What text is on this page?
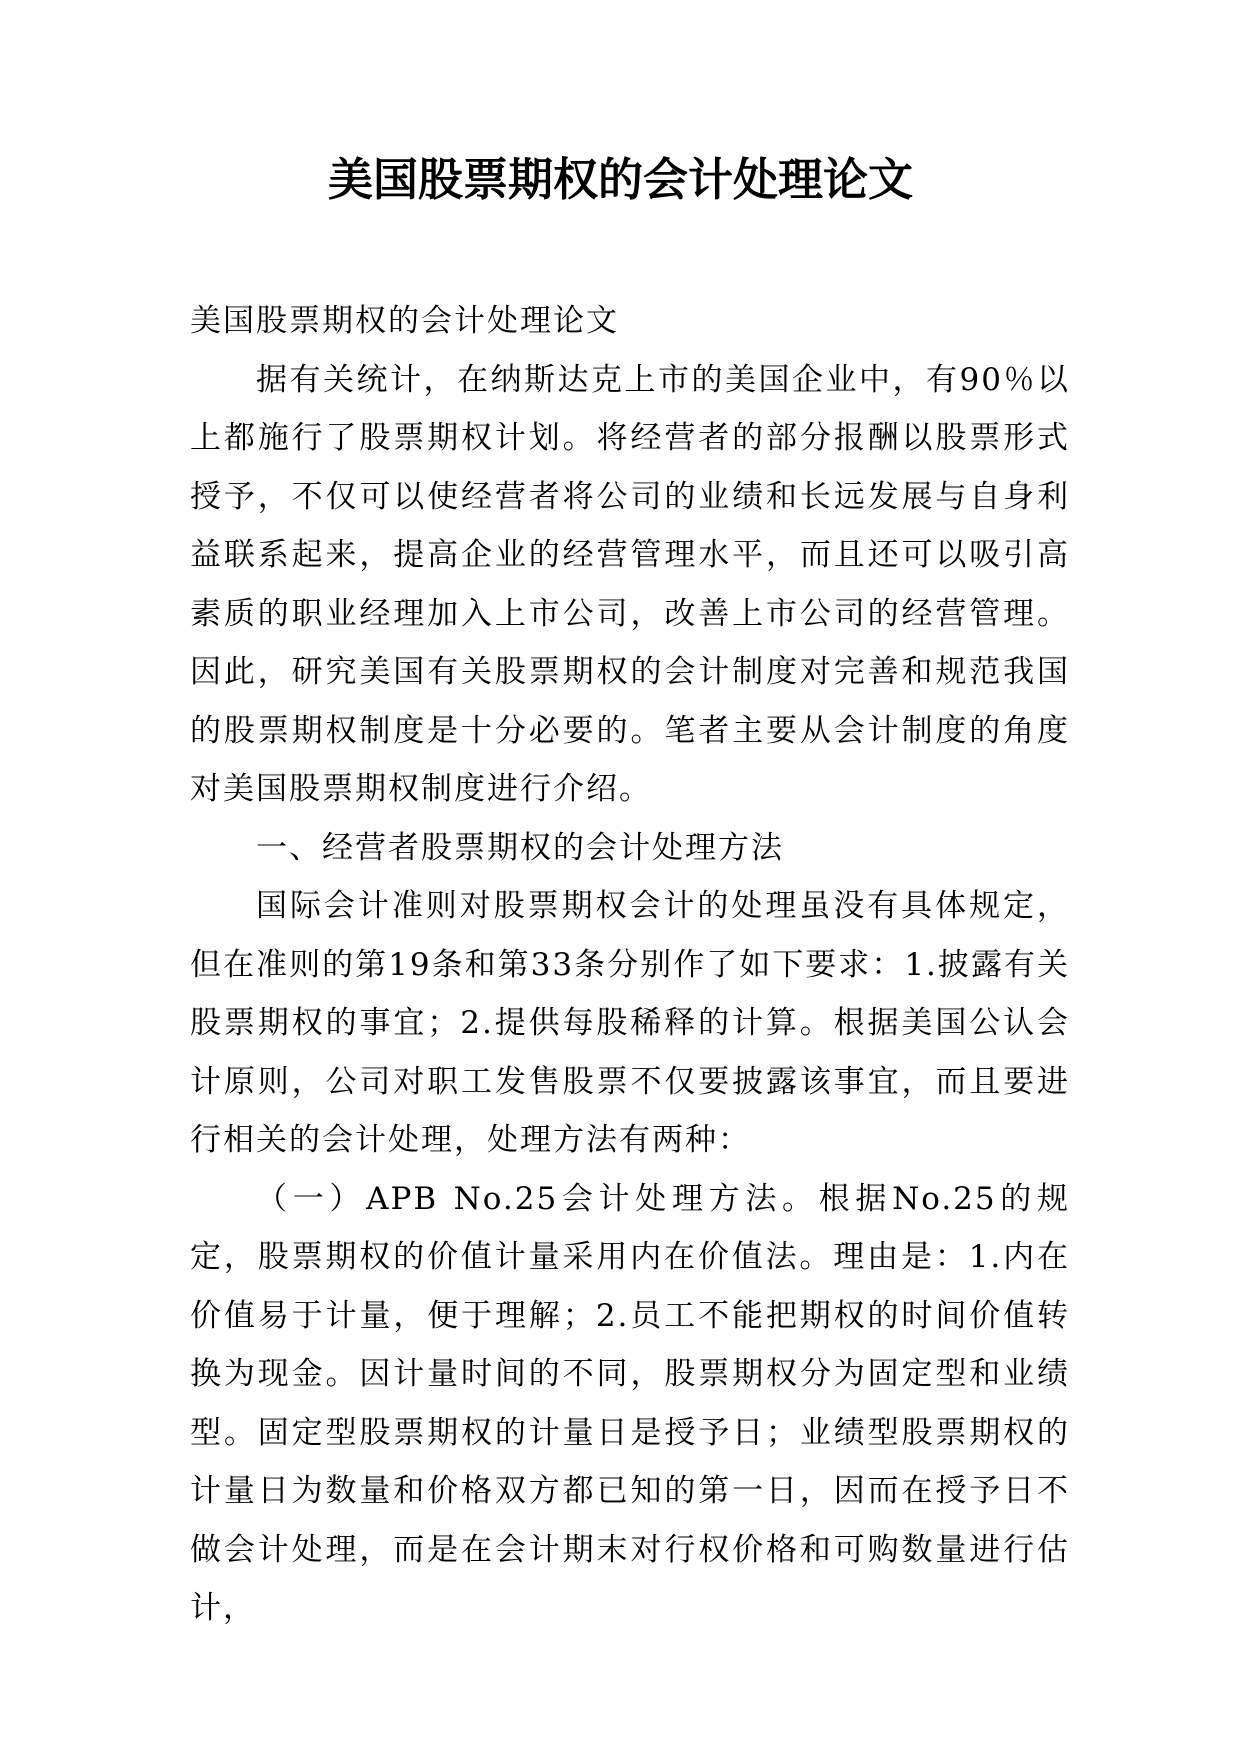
美国股票期权的会计处理论文

美国股票期权的会计处理论文

据有关统计，在纳斯达克上市的美国企业中，有90％以上都施行了股票期权计划。将经营者的部分报酬以股票形式授予，不仅可以使经营者将公司的业绩和长远发展与自身利益联系起来，提高企业的经营管理水平，而且还可以吸引高素质的职业经理加入上市公司，改善上市公司的经营管理。因此，研究美国有关股票期权的会计制度对完善和规范我国的股票期权制度是十分必要的。笔者主要从会计制度的角度对美国股票期权制度进行介绍。

一、经营者股票期权的会计处理方法

国际会计准则对股票期权会计的处理虽没有具体规定，但在准则的第19条和第33条分别作了如下要求：1.披露有关股票期权的事宜；2.提供每股稀释的计算。根据美国公认会计原则，公司对职工发售股票不仅要披露该事宜，而且要进行相关的会计处理，处理方法有两种：

（一）APB No.25会计处理方法。根据No.25的规定，股票期权的价值计量采用内在价值法。理由是：1.内在价值易于计量，便于理解；2.员工不能把期权的时间价值转换为现金。因计量时间的不同，股票期权分为固定型和业绩型。固定型股票期权的计量日是授予日；业绩型股票期权的计量日为数量和价格双方都已知的第一日，因而在授予日不做会计处理，而是在会计期末对行权价格和可购数量进行估计，
